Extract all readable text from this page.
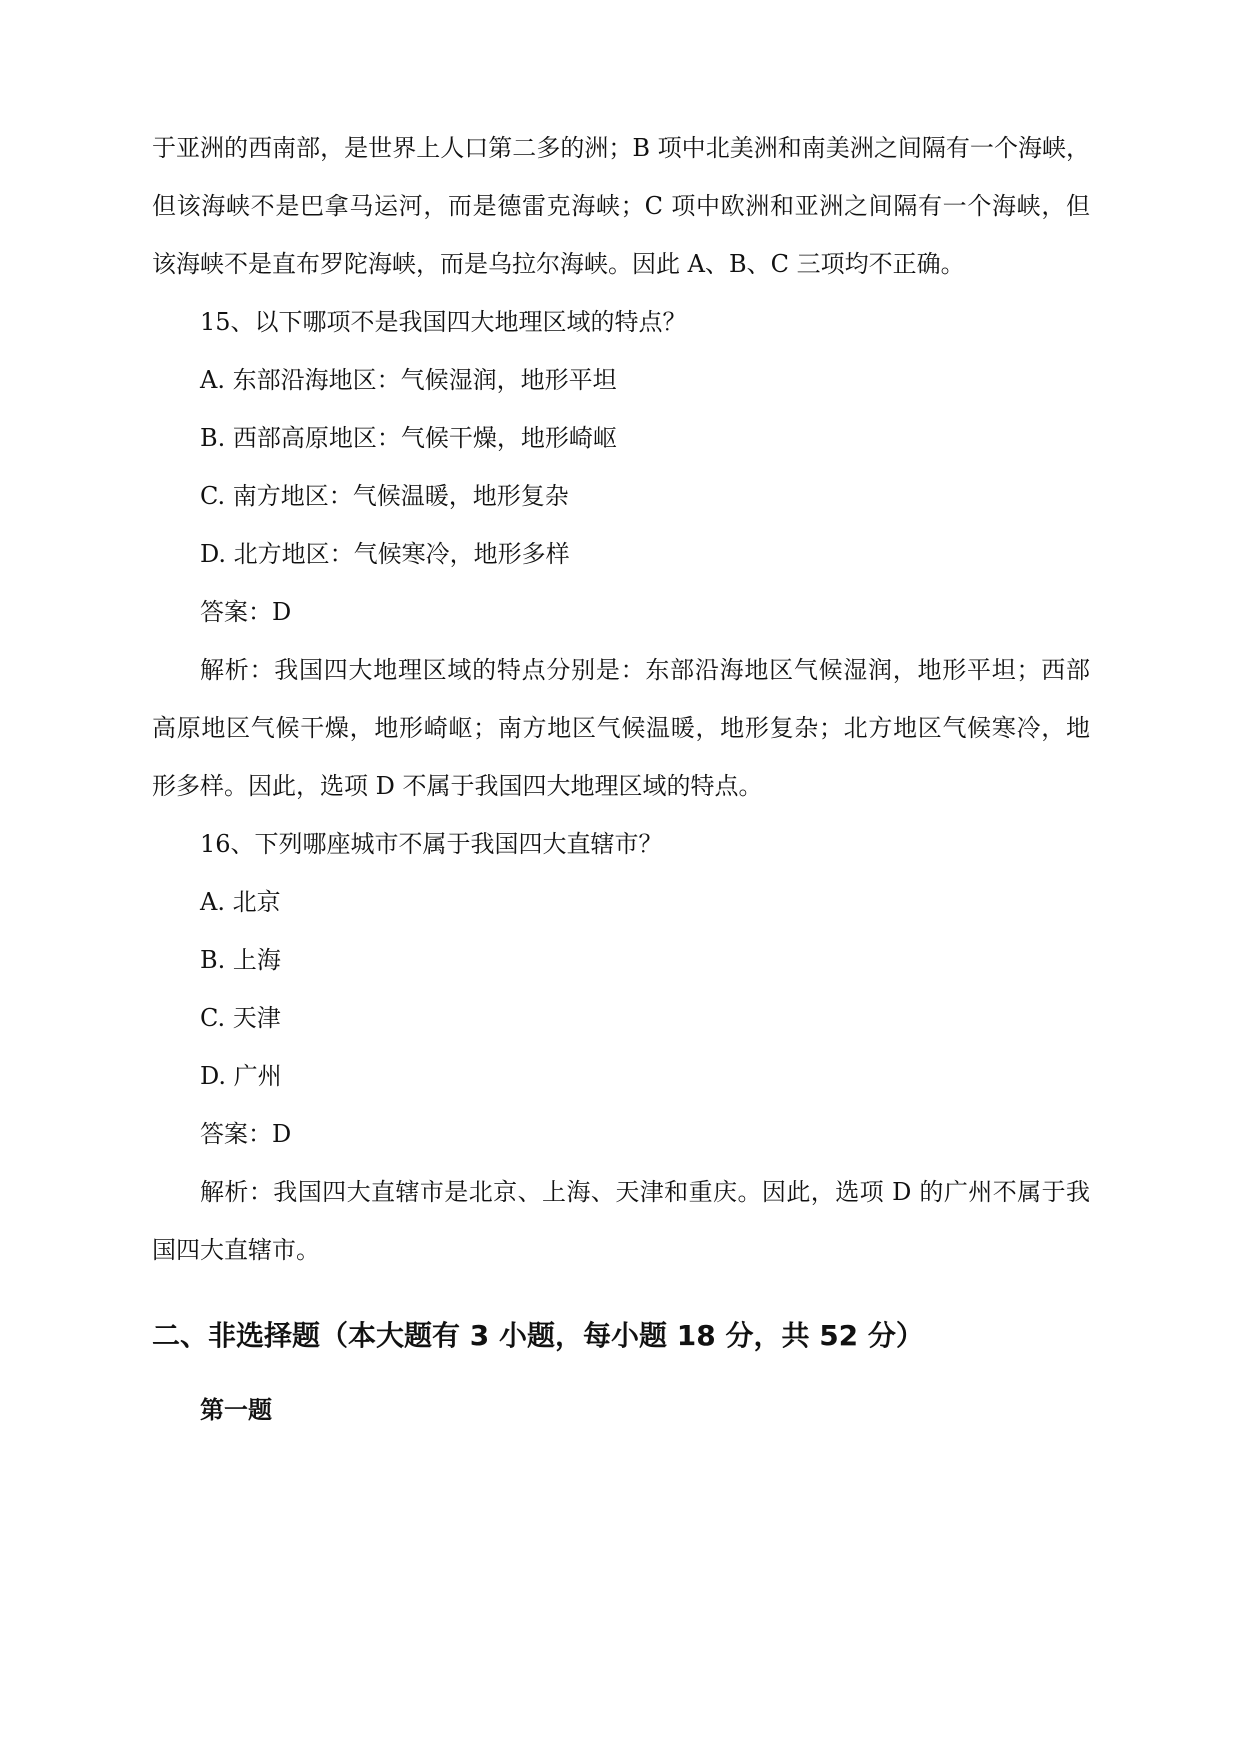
于亚洲的西南部，是世界上人口第二多的洲；B 项中北美洲和南美洲之间隔有一个海峡，
但该海峡不是巴拿马运河，而是德雷克海峡；C 项中欧洲和亚洲之间隔有一个海峡，但
该海峡不是直布罗陀海峡，而是乌拉尔海峡。因此 A、B、C 三项均不正确。
15、以下哪项不是我国四大地理区域的特点？
A. 东部沿海地区：气候湿润，地形平坦
B. 西部高原地区：气候干燥，地形崎岖
C. 南方地区：气候温暖，地形复杂
D. 北方地区：气候寒冷，地形多样
答案：D
解析：我国四大地理区域的特点分别是：东部沿海地区气候湿润，地形平坦；西部
高原地区气候干燥，地形崎岖；南方地区气候温暖，地形复杂；北方地区气候寒冷，地
形多样。因此，选项 D 不属于我国四大地理区域的特点。
16、下列哪座城市不属于我国四大直辖市？
A. 北京
B. 上海
C. 天津
D. 广州
答案：D
解析：我国四大直辖市是北京、上海、天津和重庆。因此，选项 D 的广州不属于我
国四大直辖市。
二、非选择题（本大题有 3 小题，每小题 18 分，共 52 分）
第一题
